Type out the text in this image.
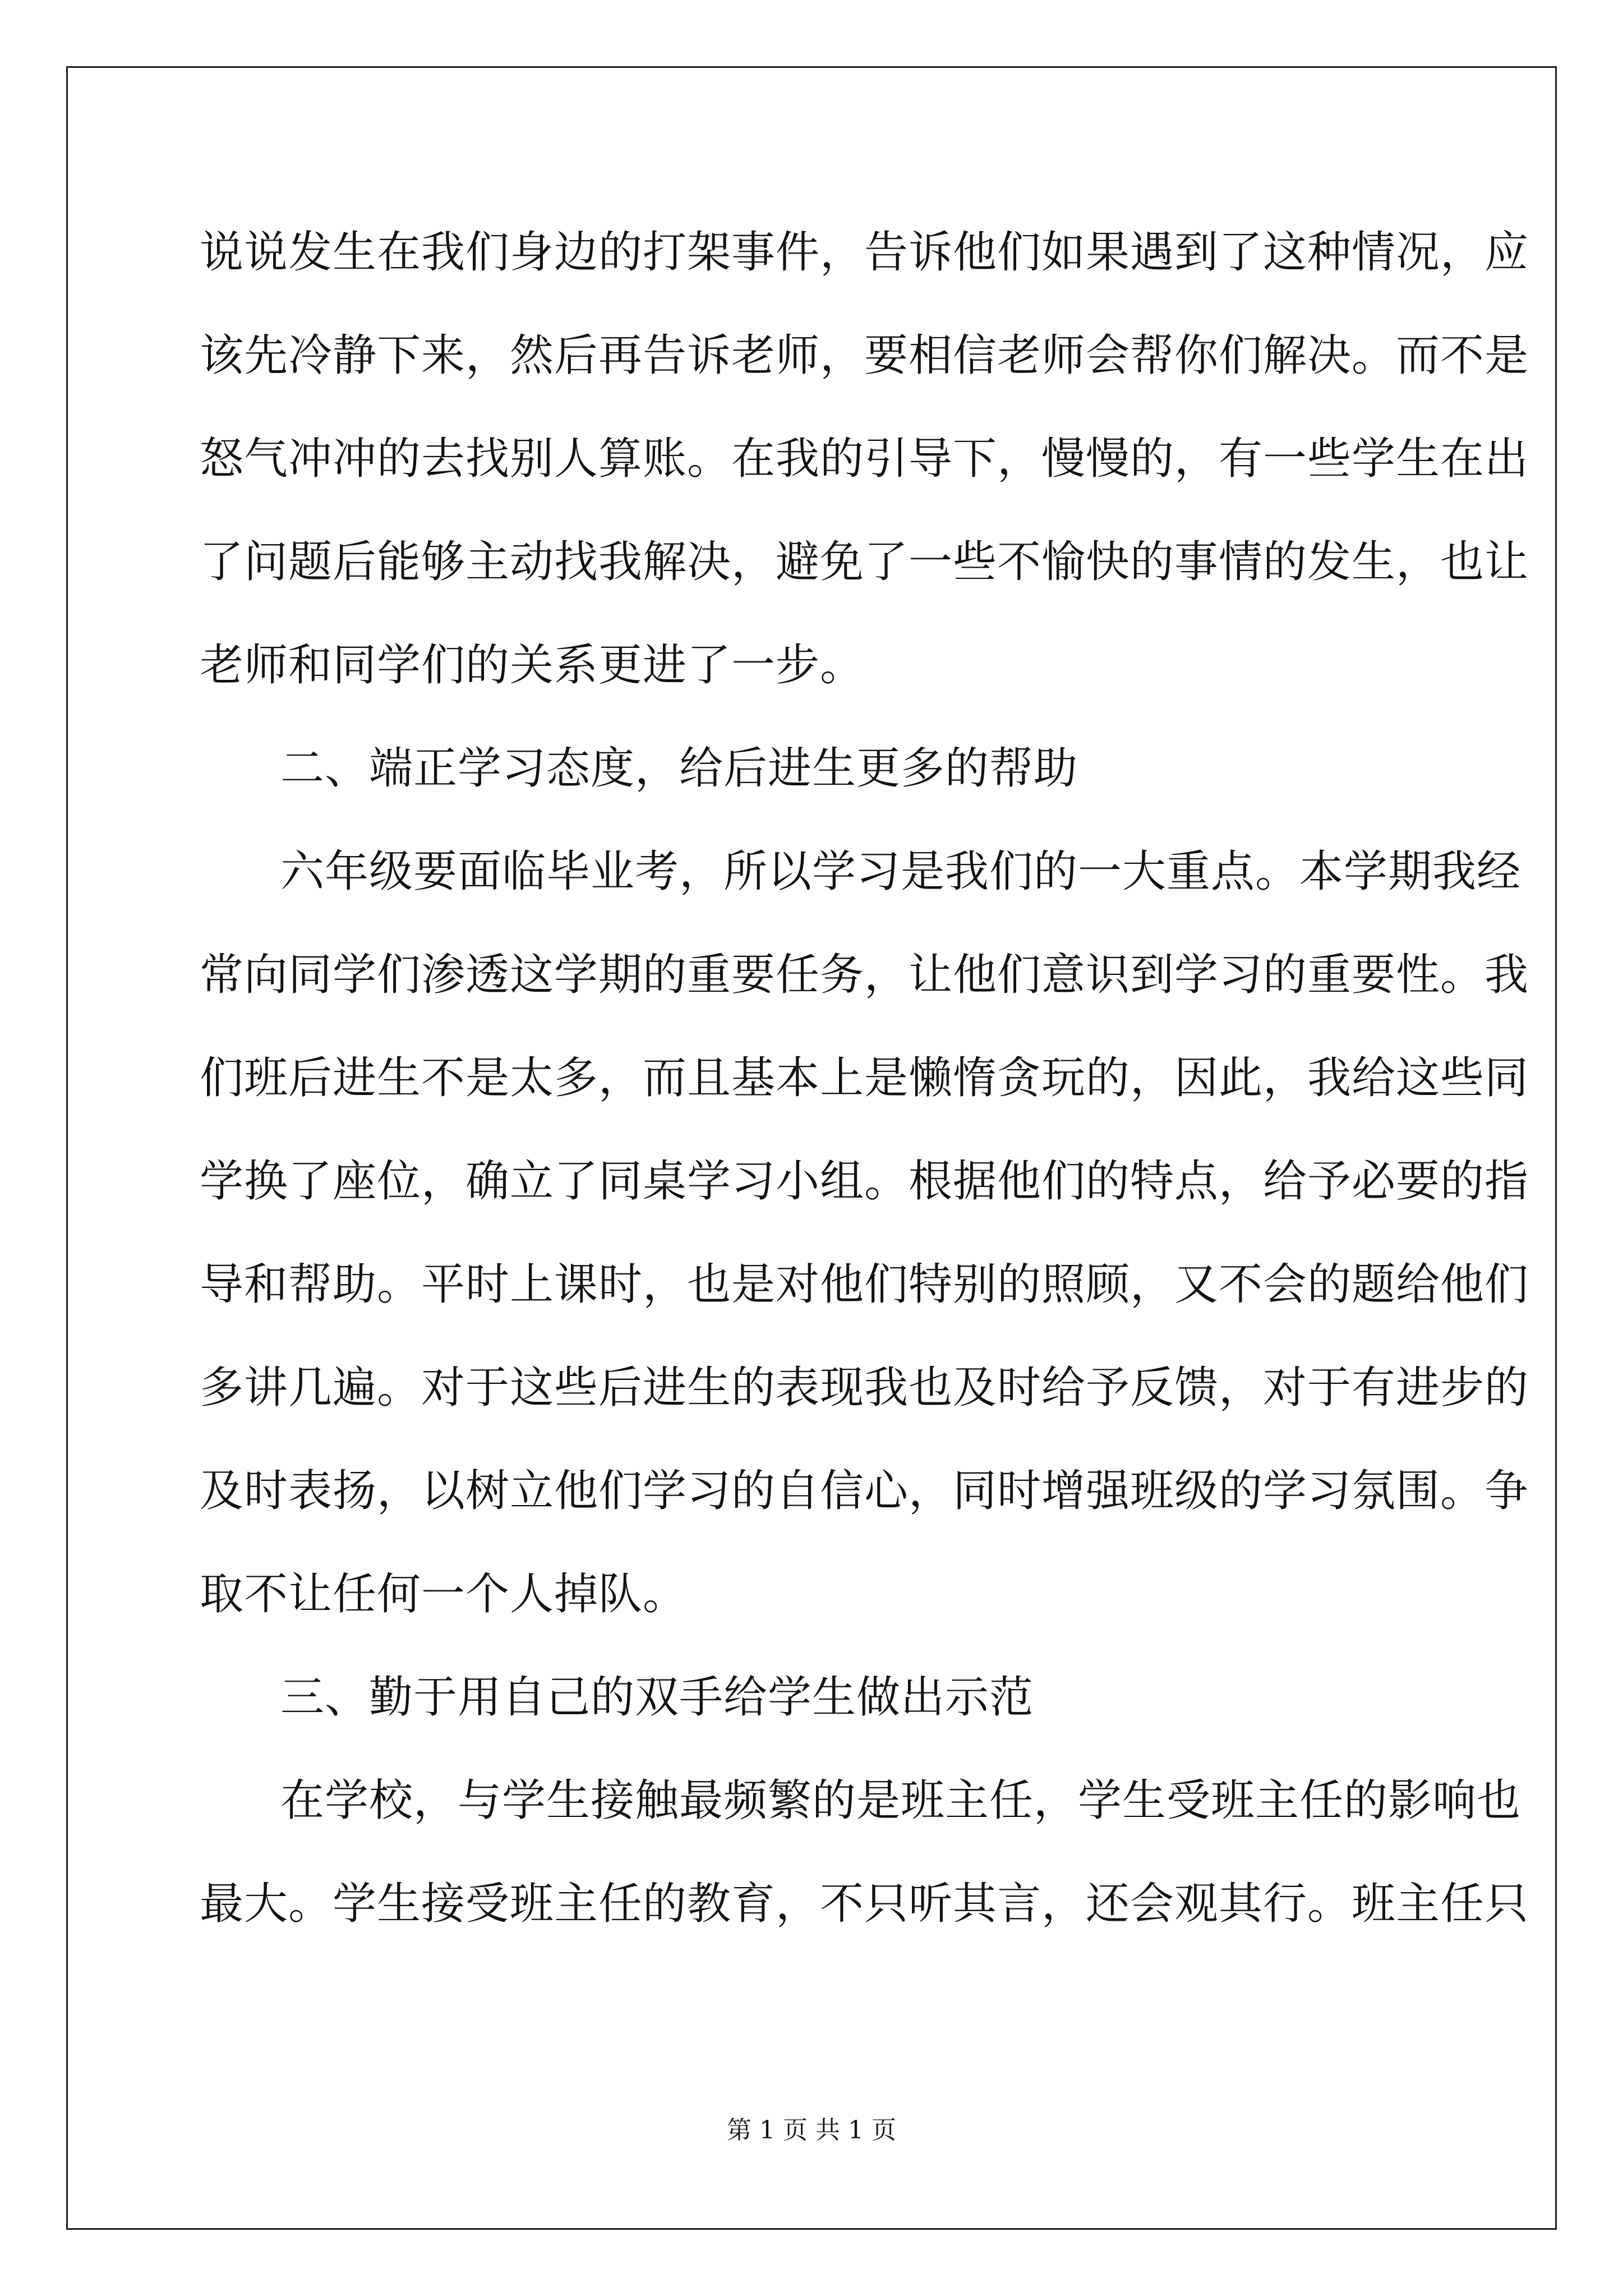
说说发生在我们身边的打架事件，告诉他们如果遇到了这种情况，应
该先冷静下来，然后再告诉老师，要相信老师会帮你们解决。而不是
怒气冲冲的去找别人算账。在我的引导下，慢慢的，有一些学生在出
了问题后能够主动找我解决，避免了一些不愉快的事情的发生，也让
老师和同学们的关系更进了一步。
二、端正学习态度，给后进生更多的帮助
六年级要面临毕业考，所以学习是我们的一大重点。本学期我经
常向同学们渗透这学期的重要任务，让他们意识到学习的重要性。我
们班后进生不是太多，而且基本上是懒惰贪玩的，因此，我给这些同
学换了座位，确立了同桌学习小组。根据他们的特点，给予必要的指
导和帮助。平时上课时，也是对他们特别的照顾，又不会的题给他们
多讲几遍。对于这些后进生的表现我也及时给予反馈，对于有进步的
及时表扬，以树立他们学习的自信心，同时增强班级的学习氛围。争
取不让任何一个人掉队。
三、勤于用自己的双手给学生做出示范
在学校，与学生接触最频繁的是班主任，学生受班主任的影响也
最大。学生接受班主任的教育，不只听其言，还会观其行。班主任只
第 1 页 共 1 页
